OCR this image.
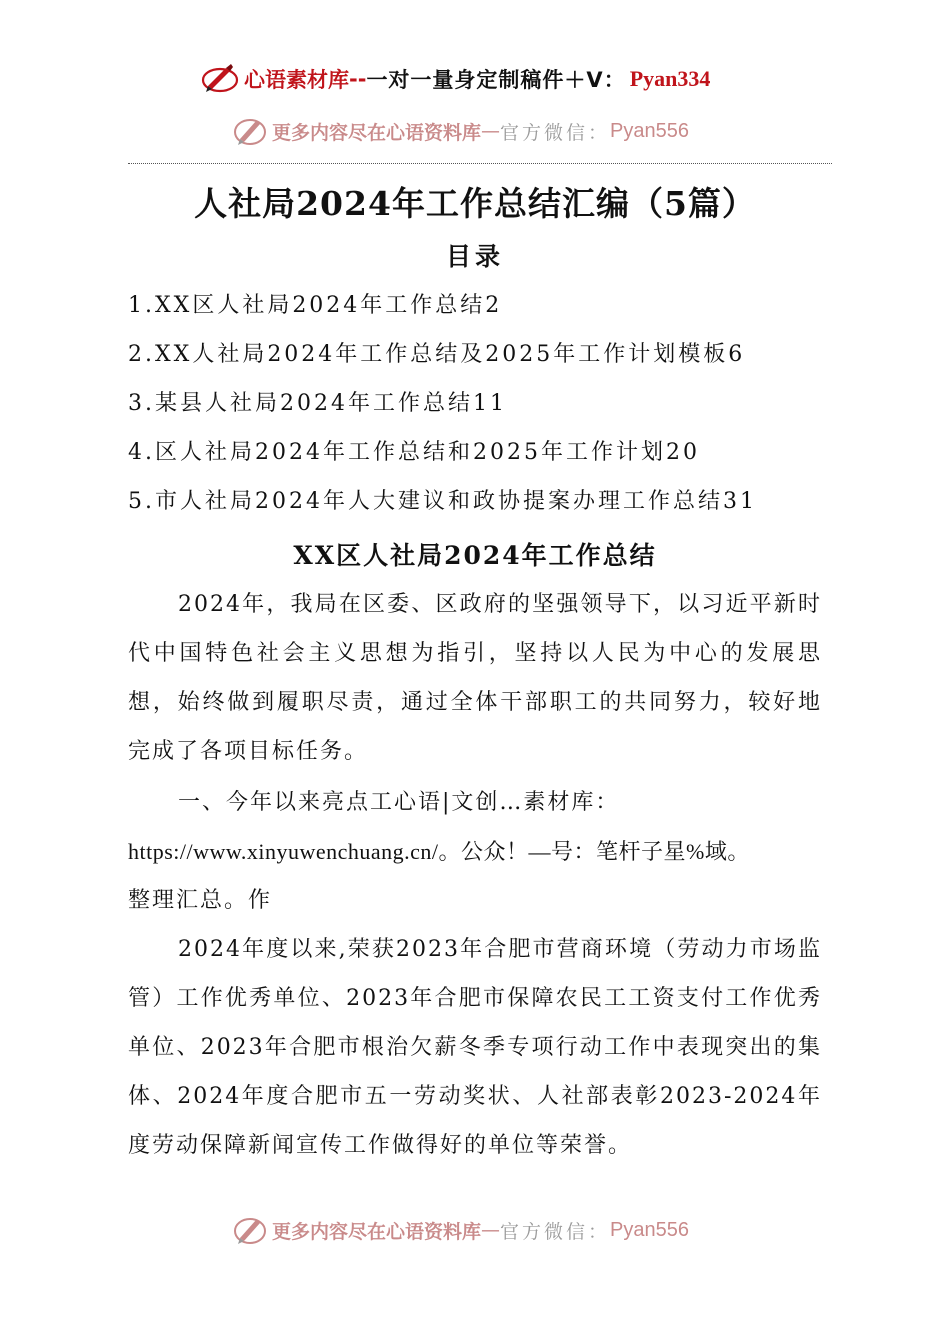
心语素材库 -- 一对一量身定制稿件＋V： Pyan334
更多内容尽在心语资料库 — 官方微信： Pyan556
人社局2024年工作总结汇编（5篇）
目录
1.XX区人社局2024年工作总结2
2.XX人社局2024年工作总结及2025年工作计划模板6
3.某县人社局2024年工作总结11
4.区人社局2024年工作总结和2025年工作计划20
5.市人社局2024年人大建议和政协提案办理工作总结31
XX区人社局2024年工作总结

2024年，我局在区委、区政府的坚强领导下，以习近平新时代中国特色社会主义思想为指引，坚持以人民为中心的发展思想，始终做到履职尽责，通过全体干部职工的共同努力，较好地完成了各项目标任务。

一、今年以来亮点工心语|文创…素材库：
https://www.xinyuwenchuang.cn/。公众！—号：笔杆子星%域。
整理汇总。作

2024年度以来,荣获2023年合肥市营商环境（劳动力市场监管）工作优秀单位、2023年合肥市保障农民工工资支付工作优秀单位、2023年合肥市根治欠薪冬季专项行动工作中表现突出的集体、2024年度合肥市五一劳动奖状、人社部表彰2023-2024年度劳动保障新闻宣传工作做得好的单位等荣誉。

更多内容尽在心语资料库 — 官方微信： Pyan556
